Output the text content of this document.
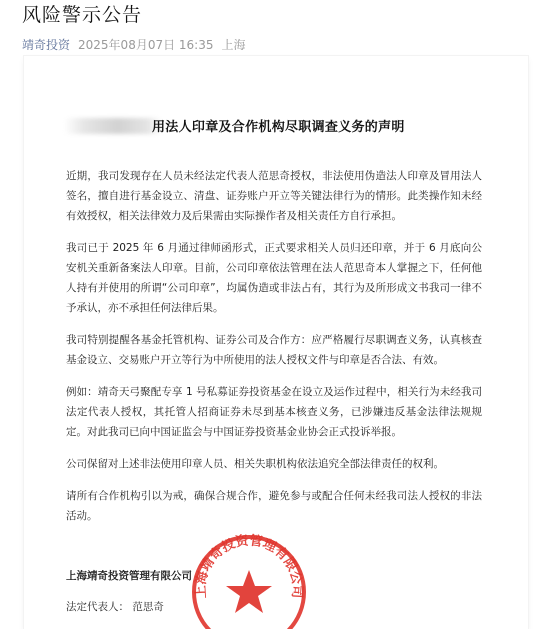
风险警示公告
靖奇投资 2025年08月07日 16:35 上海
用法人印章及合作机构尽职调查义务的声明

近期，我司发现存在人员未经法定代表人范思奇授权，非法使用伪造法人印章及冒用法人签名，擅自进行基金设立、清盘、证券账户开立等关键法律行为的情形。此类操作知未经有效授权，相关法律效力及后果需由实际操作者及相关责任方自行承担。

我司已于 2025 年 6 月通过律师函形式，正式要求相关人员归还印章，并于 6 月底向公安机关重新备案法人印章。目前，公司印章依法管理在法人范思奇本人掌握之下，任何他人持有并使用的所谓“公司印章”，均属伪造或非法占有，其行为及所形成文书我司一律不予承认，亦不承担任何法律后果。

我司特别提醒各基金托管机构、证券公司及合作方：应严格履行尽职调查义务，认真核查基金设立、交易账户开立等行为中所使用的法人授权文件与印章是否合法、有效。

例如：靖奇天弓聚配专享 1 号私募证券投资基金在设立及运作过程中，相关行为未经我司法定代表人授权，其托管人招商证券未尽到基本核查义务，已涉嫌违反基金法律法规规定。对此我司已向中国证监会与中国证券投资基金业协会正式投诉举报。

公司保留对上述非法使用印章人员、相关失职机构依法追究全部法律责任的权利。

请所有合作机构引以为戒，确保合规合作，避免参与或配合任何未经我司法人授权的非法活动。

上海靖奇投资管理有限公司
法定代表人： 范思奇
上海靖奇投资管理有限公司
